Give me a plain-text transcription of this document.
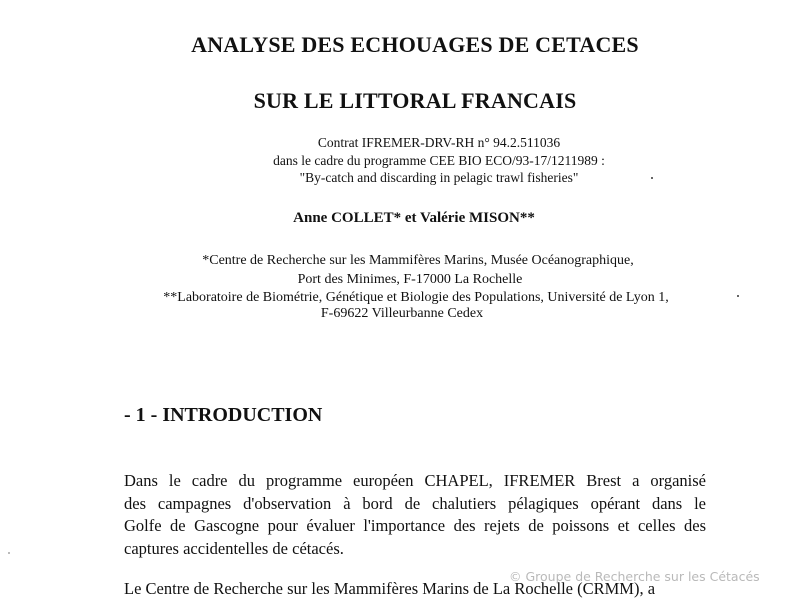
ANALYSE DES ECHOUAGES DE CETACES
SUR LE LITTORAL FRANCAIS
Contrat IFREMER-DRV-RH n° 94.2.511036
dans le cadre du programme CEE BIO ECO/93-17/1211989 :
"By-catch and discarding in pelagic trawl fisheries"
Anne COLLET* et Valérie MISON**
*Centre de Recherche sur les Mammifères Marins, Musée Océanographique,
Port des Minimes, F-17000 La Rochelle
**Laboratoire de Biométrie, Génétique et Biologie des Populations, Université de Lyon 1,
F-69622 Villeurbanne Cedex
- 1 - INTRODUCTION
Dans le cadre du programme européen CHAPEL, IFREMER Brest a organisé
des campagnes d'observation à bord de chalutiers pélagiques opérant dans le
Golfe de Gascogne pour évaluer l'importance des rejets de poissons et celles des
captures accidentelles de cétacés.
Le Centre de Recherche sur les Mammifères Marins de La Rochelle (CRMM), a
© Groupe de Recherche sur les Cétacés
